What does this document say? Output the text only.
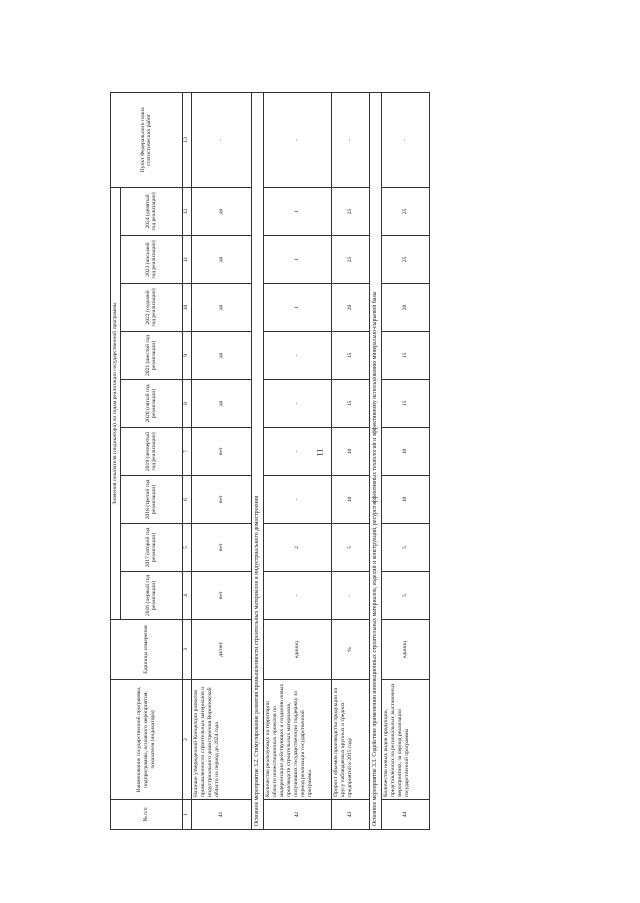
11
№ п/п	Наименование государственной программы, подпрограммы, основного мероприятия, показателя (индикатора)	Единицы измерения	Значения показателя (индикатора) по годам реализации государственной программы									Пункт Федерального плана статистических работ
			2016 (первый год реализации)	2017 (второй год реализации)	2018 (третий год реализации)	2019 (четвертый год реализации)	2020 (пятый год реализации)	2021 (шестой год реализации)	2022 (седьмой год реализации)	2023 (восьмой год реализации)	2024 (девятый год реализации)	
1	2	3	4	5	6	7	8	9	10	11	12	13
41	Наличие утвержденной Концепции развития промышленности строительных материалов и индустриального домостроения Воронежской области на период до 2024 года	да/нет	нет	нет	нет	нет	да	да	да	да	да	-
Основное мероприятие 3.2. Стимулирование развития промышленности строительных материалов и индустриального домостроения												
42	Количество реализуемых на территории области инвестиционных проектов по модернизации действующих и созданию новых производств строительных материалов, получивших государственную поддержку за период реализации государственной программы	единиц	-	2	-	-	-	-	1	1	1	-
43	Прирост объемов производства продукции по кругу наблюдаемых крупных и средних предприятий к 2015 году	%	-	5	10	10	15	15	20	25	25	-
Основное мероприятие 3.3. Содействие применению инновационных строительных материалов, изделий и конструкций, ресурсоэффективных технологий и эффективному использованию минерально-сырьевой базы												
44	Количество новых видов продукции, представленных на региональных выставочных мероприятиях, за период реализации государственной программы	единиц	5	5	10	10	15	15	20	25	25	-
